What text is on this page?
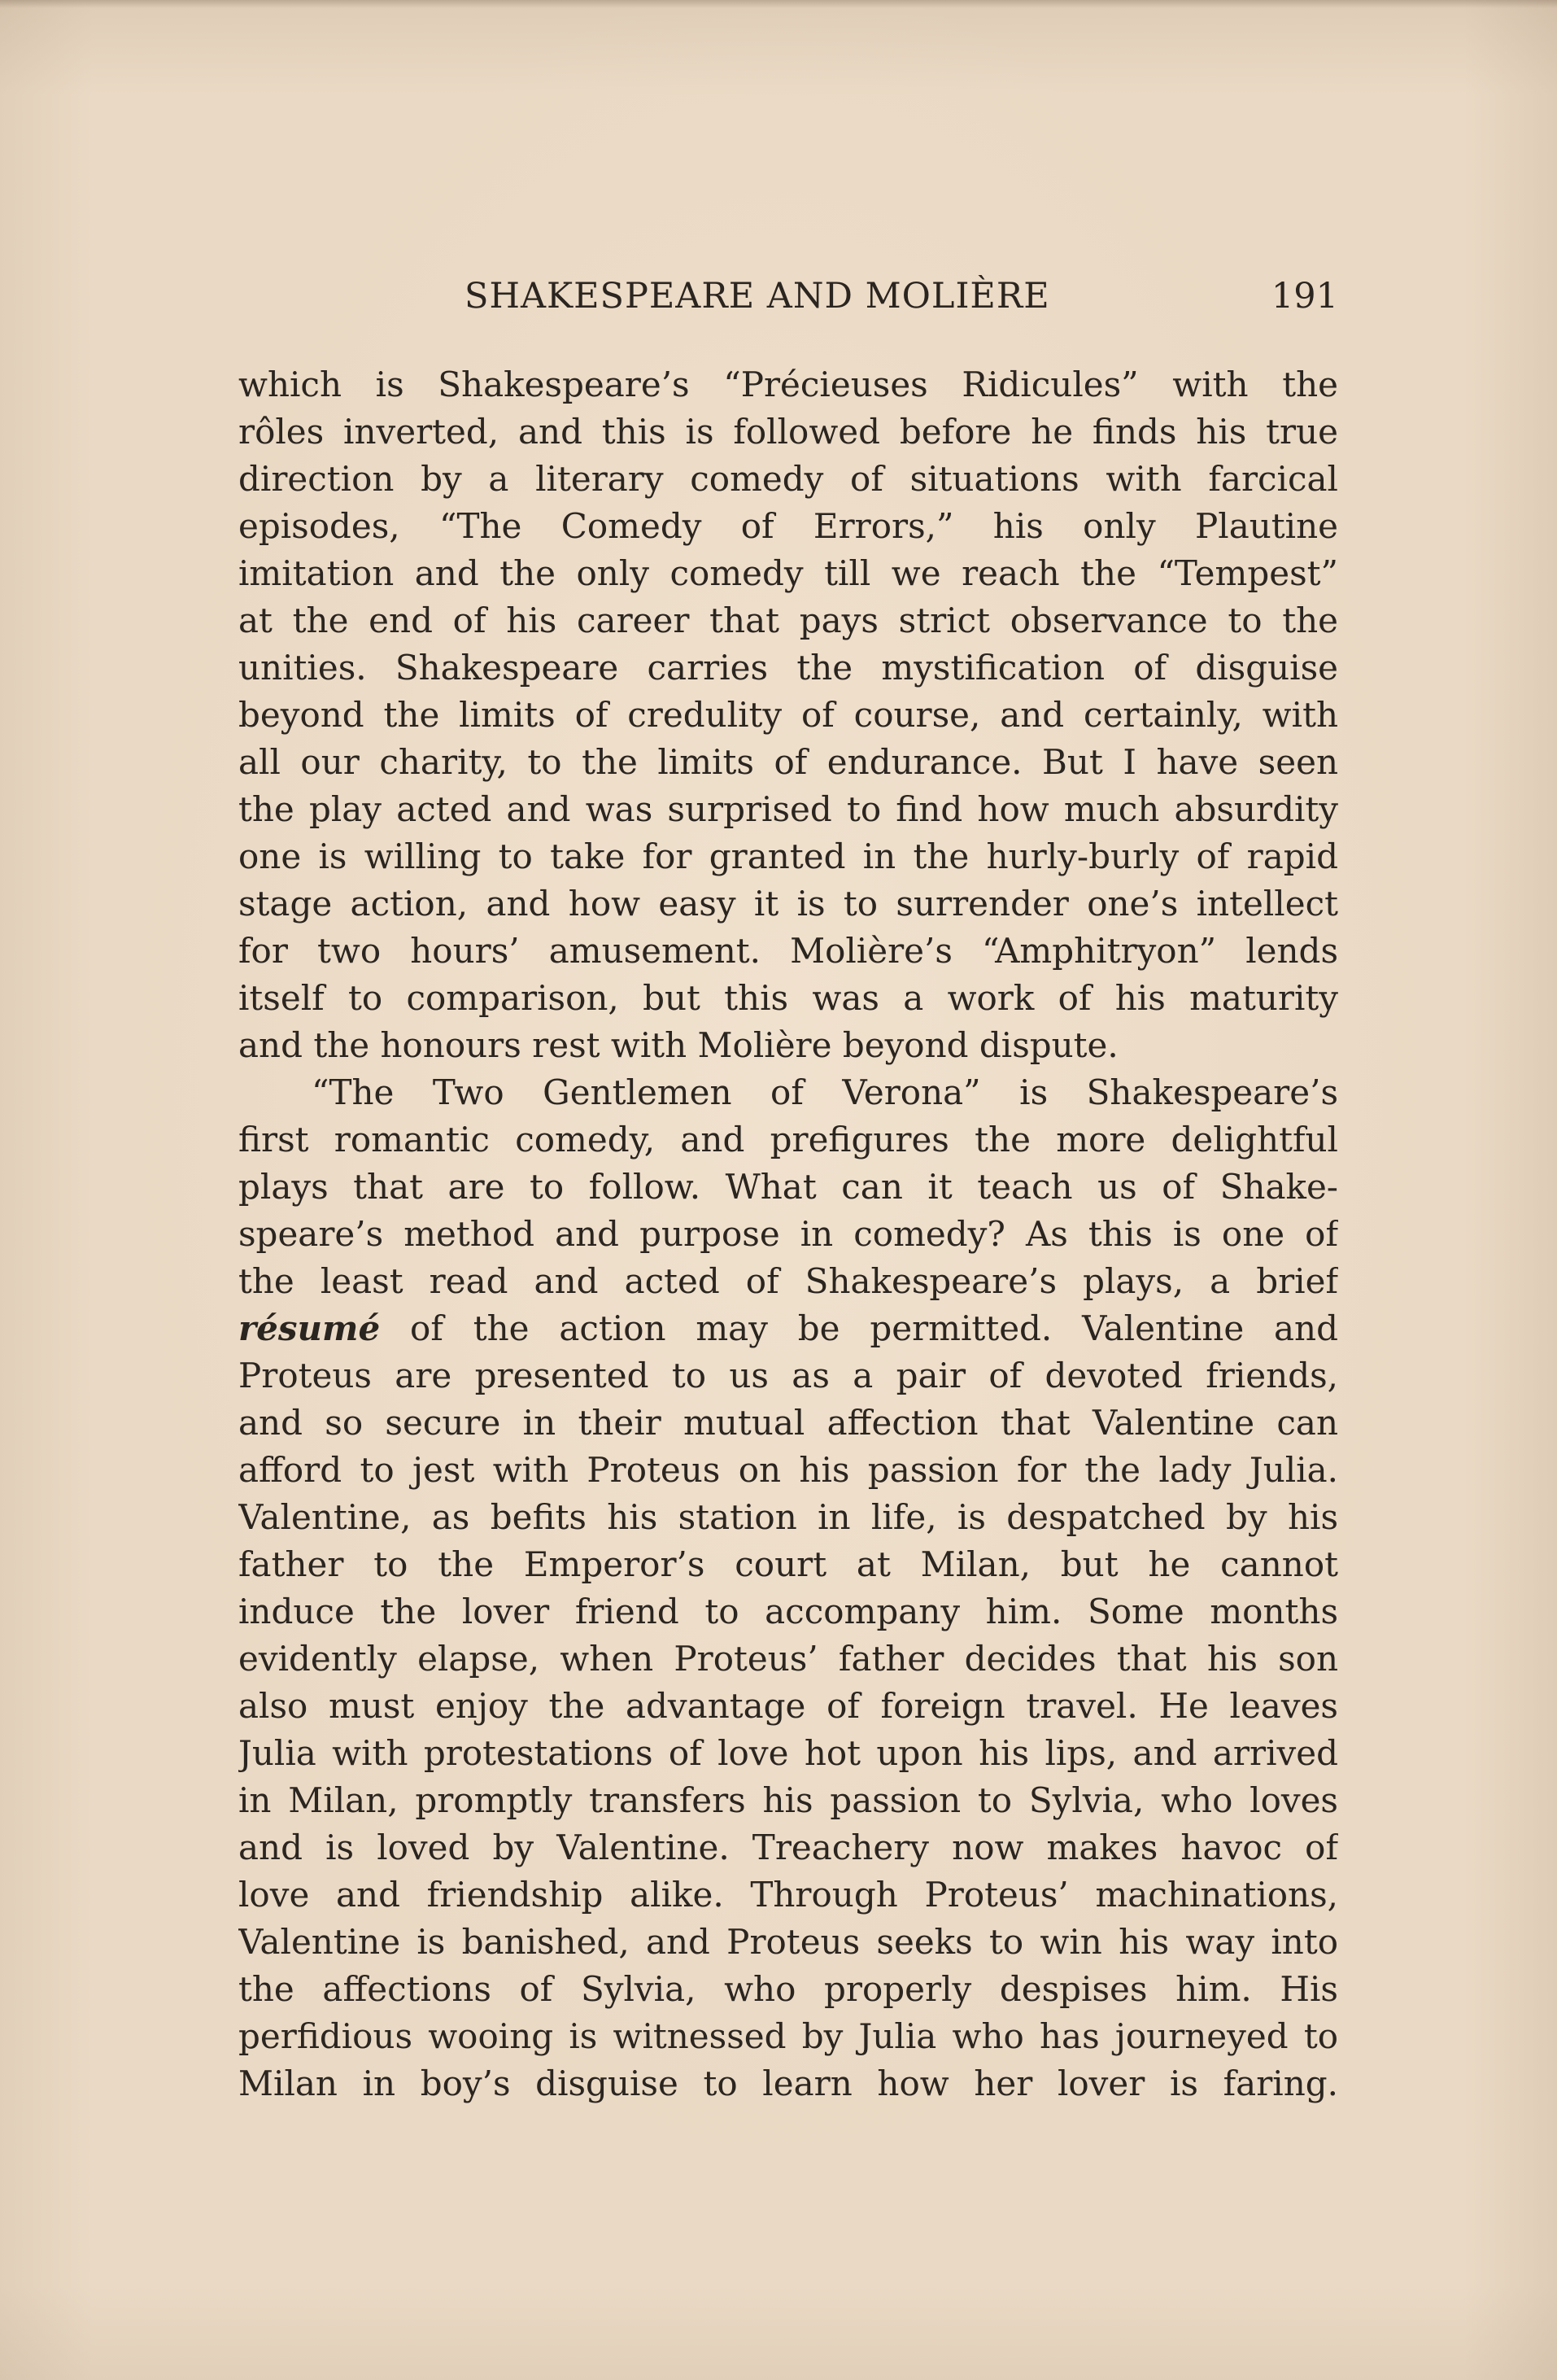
SHAKESPEARE AND MOLIÈRE	191
which is Shakespeare’s “Précieuses Ridicules” with the
rôles inverted, and this is followed before he finds his true
direction by a literary comedy of situations with farcical
episodes, “The Comedy of Errors,” his only Plautine
imitation and the only comedy till we reach the “Tempest”
at the end of his career that pays strict observance to the
unities. Shakespeare carries the mystification of disguise
beyond the limits of credulity of course, and certainly, with
all our charity, to the limits of endurance. But I have seen
the play acted and was surprised to find how much absurdity
one is willing to take for granted in the hurly-burly of rapid
stage action, and how easy it is to surrender one’s intellect
for two hours’ amusement. Molière’s “Amphitryon” lends
itself to comparison, but this was a work of his maturity
and the honours rest with Molière beyond dispute.
“The Two Gentlemen of Verona” is Shakespeare’s
first romantic comedy, and prefigures the more delightful
plays that are to follow. What can it teach us of Shake-
speare’s method and purpose in comedy? As this is one of
the least read and acted of Shakespeare’s plays, a brief
résumé of the action may be permitted. Valentine and
Proteus are presented to us as a pair of devoted friends,
and so secure in their mutual affection that Valentine can
afford to jest with Proteus on his passion for the lady Julia.
Valentine, as befits his station in life, is despatched by his
father to the Emperor’s court at Milan, but he cannot
induce the lover friend to accompany him. Some months
evidently elapse, when Proteus’ father decides that his son
also must enjoy the advantage of foreign travel. He leaves
Julia with protestations of love hot upon his lips, and arrived
in Milan, promptly transfers his passion to Sylvia, who loves
and is loved by Valentine. Treachery now makes havoc of
love and friendship alike. Through Proteus’ machinations,
Valentine is banished, and Proteus seeks to win his way into
the affections of Sylvia, who properly despises him. His
perfidious wooing is witnessed by Julia who has journeyed to
Milan in boy’s disguise to learn how her lover is faring.
